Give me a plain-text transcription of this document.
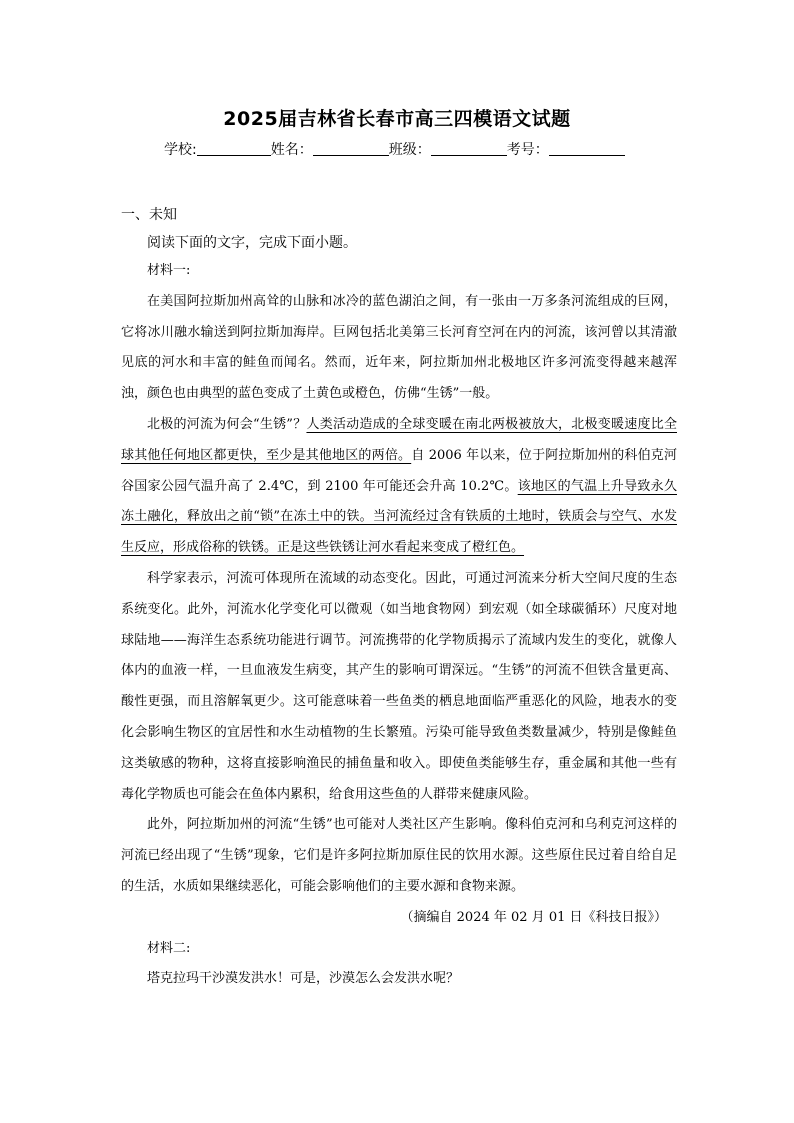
2025届吉林省长春市高三四模语文试题
学校:	姓名：	班级：	考号：
一、未知
阅读下面的文字，完成下面小题。

材料一:

在美国阿拉斯加州高耸的山脉和冰冷的蓝色湖泊之间，有一张由一万多条河流组成的巨网，它将冰川融水输送到阿拉斯加海岸。巨网包括北美第三长河育空河在内的河流，该河曾以其清澈见底的河水和丰富的鲑鱼而闻名。然而，近年来，阿拉斯加州北极地区许多河流变得越来越浑浊，颜色也由典型的蓝色变成了土黄色或橙色，仿佛“生锈”一般。

北极的河流为何会“生锈”？人类活动造成的全球变暖在南北两极被放大，北极变暖速度比全球其他任何地区都更快，至少是其他地区的两倍。自 2006 年以来，位于阿拉斯加州的科伯克河谷国家公园气温升高了 2.4℃，到 2100 年可能还会升高 10.2℃。该地区的气温上升导致永久冻土融化，释放出之前“锁”在冻土中的铁。当河流经过含有铁质的土地时，铁质会与空气、水发生反应，形成俗称的铁锈。正是这些铁锈让河水看起来变成了橙红色。

科学家表示，河流可体现所在流域的动态变化。因此，可通过河流来分析大空间尺度的生态系统变化。此外，河流水化学变化可以微观（如当地食物网）到宏观（如全球碳循环）尺度对地球陆地——海洋生态系统功能进行调节。河流携带的化学物质揭示了流域内发生的变化，就像人体内的血液一样，一旦血液发生病变，其产生的影响可谓深远。“生锈”的河流不但铁含量更高、酸性更强，而且溶解氧更少。这可能意味着一些鱼类的栖息地面临严重恶化的风险，地表水的变化会影响生物区的宜居性和水生动植物的生长繁殖。污染可能导致鱼类数量减少，特别是像鲑鱼这类敏感的物种，这将直接影响渔民的捕鱼量和收入。即使鱼类能够生存，重金属和其他一些有毒化学物质也可能会在鱼体内累积，给食用这些鱼的人群带来健康风险。

此外，阿拉斯加州的河流“生锈”也可能对人类社区产生影响。像科伯克河和乌利克河这样的河流已经出现了“生锈”现象，它们是许多阿拉斯加原住民的饮用水源。这些原住民过着自给自足的生活，水质如果继续恶化，可能会影响他们的主要水源和食物来源。

（摘编自 2024 年 02 月 01 日《科技日报》）

材料二:

塔克拉玛干沙漠发洪水！可是，沙漠怎么会发洪水呢？
